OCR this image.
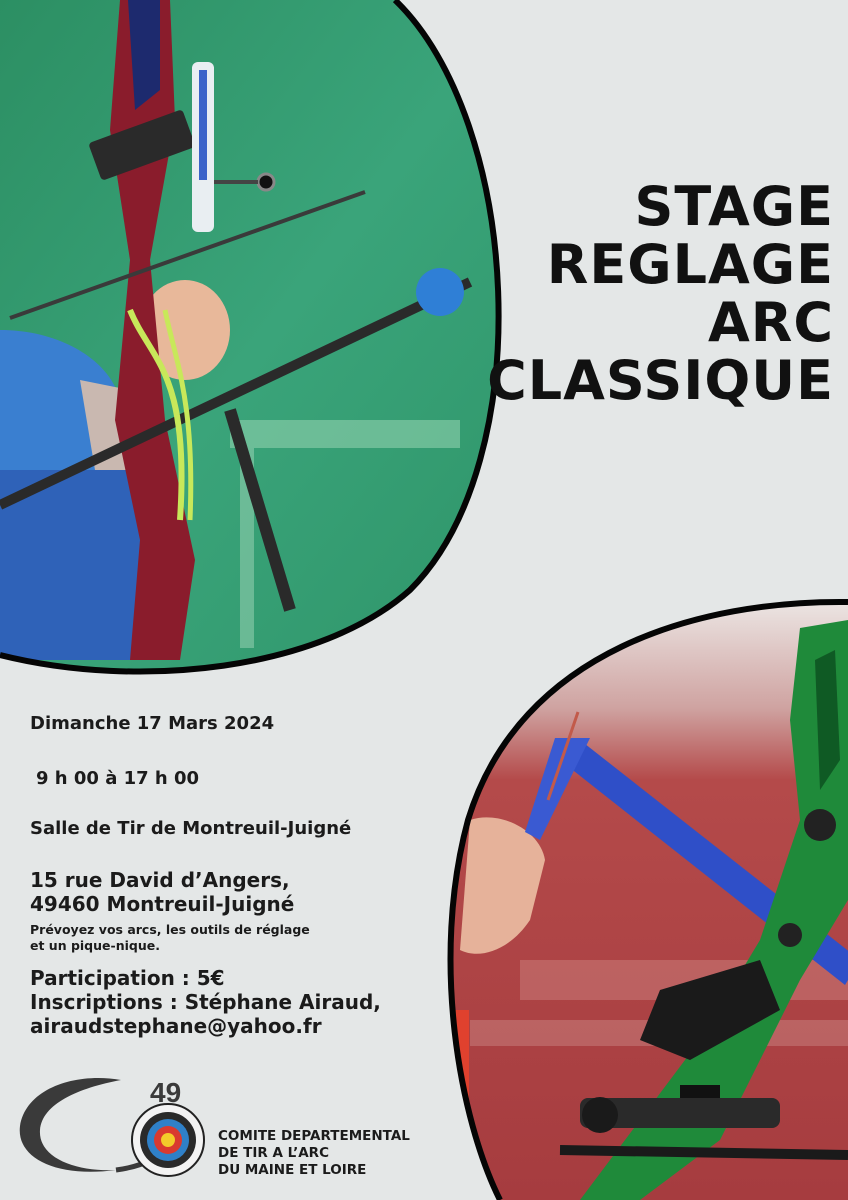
STAGE
REGLAGE
ARC
CLASSIQUE
Dimanche 17 Mars 2024
9 h 00 à 17 h 00
Salle de Tir de Montreuil-Juigné
15 rue David d’Angers,
49460 Montreuil-Juigné
Prévoyez vos arcs, les outils de réglage
et un pique-nique.
Participation : 5€
Inscriptions : Stéphane Airaud,
airaudstephane@yahoo.fr
49
COMITE DEPARTEMENTAL
DE TIR A L’ARC
DU MAINE ET LOIRE
